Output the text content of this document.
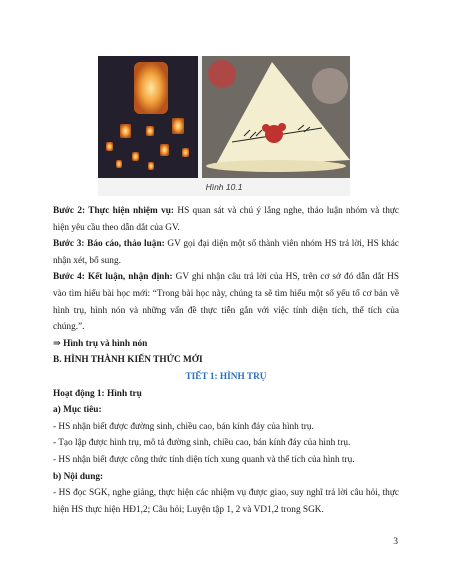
Hình 10.1

Bước 2: Thực hiện nhiệm vụ: HS quan sát và chú ý lắng nghe, thảo luận nhóm và thực hiện yêu cầu theo dẫn dắt của GV.

Bước 3: Báo cáo, thảo luận: GV gọi đại diện một số thành viên nhóm HS trả lời, HS khác nhận xét, bổ sung.

Bước 4: Kết luận, nhận định: GV ghi nhận câu trả lời của HS, trên cơ sở đó dẫn dắt HS vào tìm hiểu bài học mới: “Trong bài học này, chúng ta sẽ tìm hiểu một số yếu tố cơ bản về hình trụ, hình nón và những vấn đề thực tiễn gắn với việc tính diện tích, thể tích của chúng.”.

⇒ Hình trụ và hình nón

B. HÌNH THÀNH KIẾN THỨC MỚI

TIẾT 1: HÌNH TRỤ

Hoạt động 1: Hình trụ

a) Mục tiêu:

- HS nhận biết được đường sinh, chiều cao, bán kính đáy của hình trụ.

- Tạo lập được hình trụ, mô tả đường sinh, chiều cao, bán kính đáy của hình trụ.

- HS nhận biết được công thức tính diện tích xung quanh và thể tích của hình trụ.

b) Nội dung:

- HS đọc SGK, nghe giảng, thực hiện các nhiệm vụ được giao, suy nghĩ trả lời câu hỏi, thực hiện HS thực hiện HĐ1,2; Câu hỏi; Luyện tập 1, 2 và VD1,2 trong SGK.

3
